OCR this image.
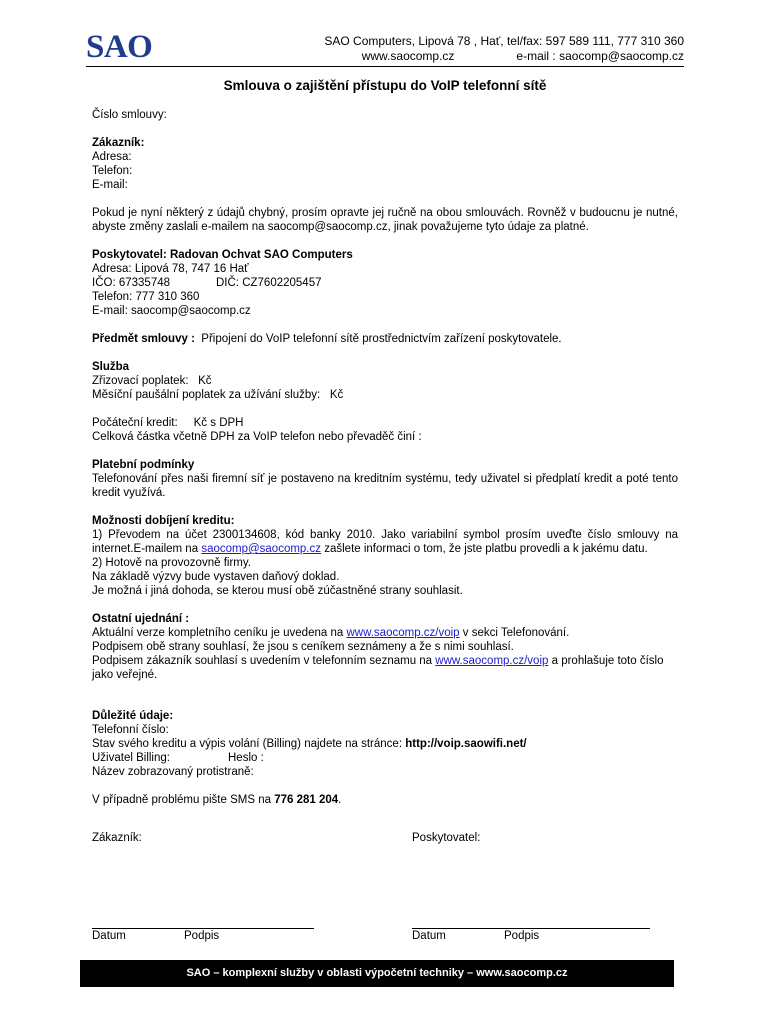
SAO	SAO Computers, Lipová 78 , Hať, tel/fax: 597 589 111, 777 310 360
www.saocomp.cz	e-mail : saocomp@saocomp.cz
Smlouva o zajištění přístupu do VoIP telefonní sítě

Číslo smlouvy:

Zákazník:

Adresa:

Telefon:

E-mail:

Pokud je nyní některý z údajů chybný, prosím opravte jej ručně na obou smlouvách. Rovněž v budoucnu je nutné, abyste změny zaslali e-mailem na saocomp@saocomp.cz, jinak považujeme tyto údaje za platné.

Poskytovatel: Radovan Ochvat SAO Computers

Adresa: Lipová 78, 747 16 Hať

IČO: 67335748	DIČ: CZ7602205457

Telefon: 777 310 360

E-mail: saocomp@saocomp.cz

Předmět smlouvy : Připojení do VoIP telefonní sítě prostřednictvím zařízení poskytovatele.

Služba

Zřizovací poplatek: Kč

Měsíční paušální poplatek za užívání služby: Kč

Počáteční kredit: Kč s DPH

Celková částka včetně DPH za VoIP telefon nebo převaděč činí :

Platební podmínky

Telefonování přes naši firemní síť je postaveno na kreditním systému, tedy uživatel si předplatí kredit a poté tento kredit využívá.

Možnosti dobíjení kreditu:

1) Převodem na účet 2300134608, kód banky 2010. Jako variabilní symbol prosím uveďte číslo smlouvy na internet.E-mailem na saocomp@saocomp.cz zašlete informaci o tom, že jste platbu provedli a k jakému datu.

2) Hotově na provozovně firmy.

Na základě výzvy bude vystaven daňový doklad.

Je možná i jiná dohoda, se kterou musí obě zúčastněné strany souhlasit.

Ostatní ujednání :

Aktuální verze kompletního ceníku je uvedena na www.saocomp.cz/voip v sekci Telefonování.

Podpisem obě strany souhlasí, že jsou s ceníkem seznámeny a že s nimi souhlasí.

Podpisem zákazník souhlasí s uvedením v telefonním seznamu na www.saocomp.cz/voip a prohlašuje toto číslo jako veřejné.

Důležité údaje:

Telefonní číslo:

Stav svého kreditu a výpis volání (Billing) najdete na stránce: http://voip.saowifi.net/

Uživatel Billing:	Heslo :

Název zobrazovaný protistraně:

V případně problému pište SMS na 776 281 204.

Zákazník:	Poskytovatel:
Datum	Podpis	Datum	Podpis
SAO – komplexní služby v oblasti výpočetní techniky – www.saocomp.cz
